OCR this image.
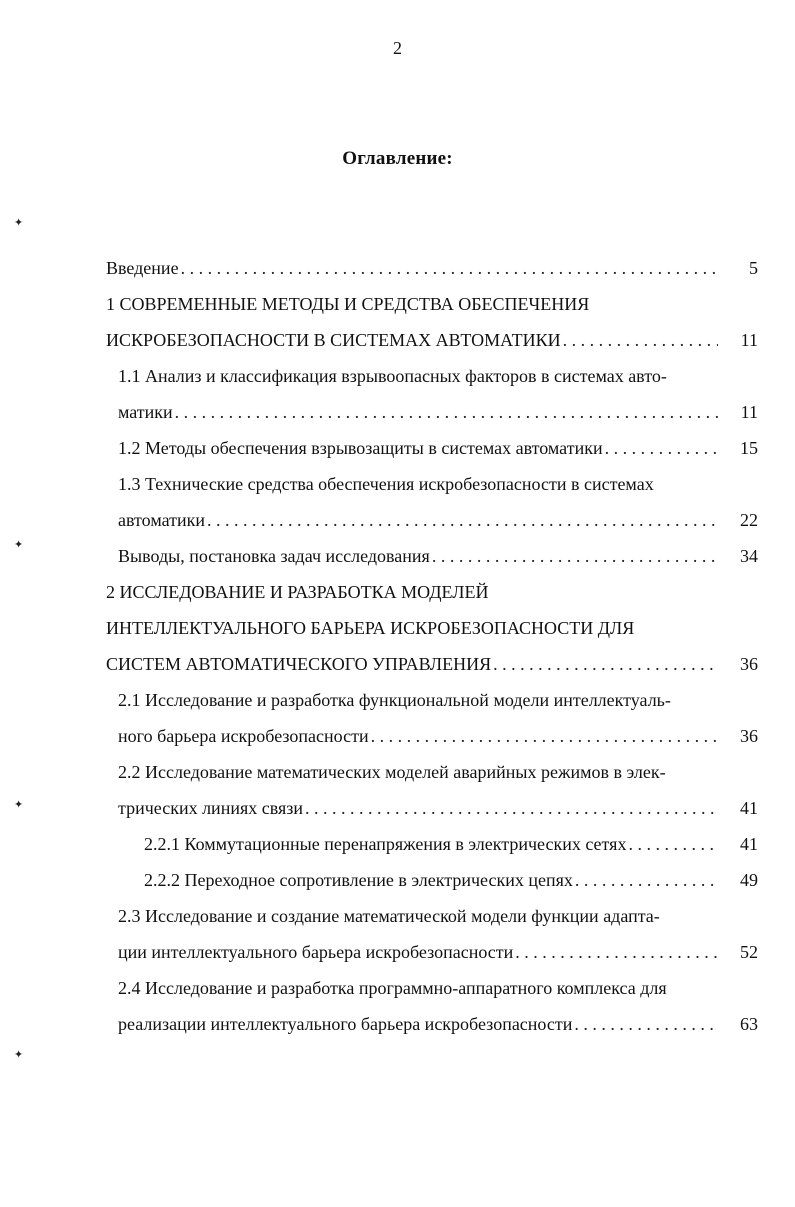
2
Оглавление:
✦
✦
✦
✦
Введение . . .	5
1 СОВРЕМЕННЫЕ МЕТОДЫ И СРЕДСТВА ОБЕСПЕЧЕНИЯ
ИСКРОБЕЗОПАСНОСТИ В СИСТЕМАХ АВТОМАТИКИ . . .	11
1.1 Анализ и классификация взрывоопасных факторов в системах авто-
матики . . .	11
1.2 Методы обеспечения взрывозащиты в системах автоматики . . .	15
1.3 Технические средства обеспечения искробезопасности в системах
автоматики . . .	22
Выводы, постановка задач исследования . . .	34
2 ИССЛЕДОВАНИЕ И РАЗРАБОТКА МОДЕЛЕЙ
ИНТЕЛЛЕКТУАЛЬНОГО БАРЬЕРА ИСКРОБЕЗОПАСНОСТИ ДЛЯ
СИСТЕМ АВТОМАТИЧЕСКОГО УПРАВЛЕНИЯ . . .	36
2.1 Исследование и разработка функциональной модели интеллектуаль-
ного барьера искробезопасности . . .	36
2.2 Исследование математических моделей аварийных режимов в элек-
трических линиях связи . . .	41
2.2.1 Коммутационные перенапряжения в электрических сетях . . .	41
2.2.2 Переходное сопротивление в электрических цепях . . .	49
2.3 Исследование и создание математической модели функции адапта-
ции интеллектуального барьера искробезопасности . . .	52
2.4 Исследование и разработка программно-аппаратного комплекса для
реализации интеллектуального барьера искробезопасности . . .	63
